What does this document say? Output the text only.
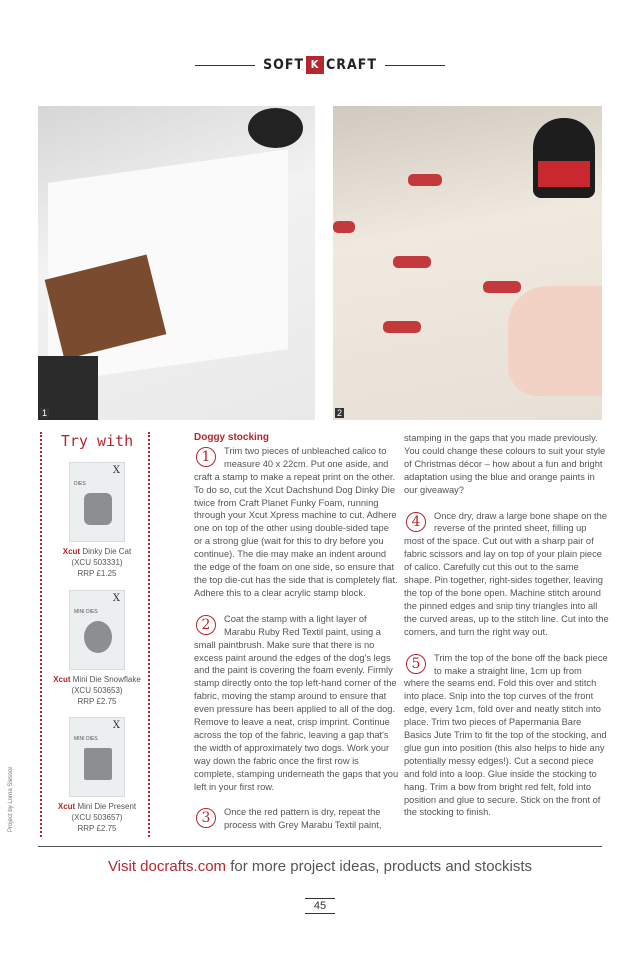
SOFT K CRAFT
1	2
Try with
X
DIES
Xcut Dinky Die Cat
(XCU 503331)
RRP £1.25
X
MINI DIES
Xcut Mini Die Snowflake
(XCU 503653)
RRP £2.75
X
MINI DIES
Xcut Mini Die Present
(XCU 503657)
RRP £2.75
Project by Lorna Slessor
Doggy stocking
1	Trim two pieces of unbleached calico to measure 40 x 22cm. Put one aside, and craft a stamp to make a repeat print on the other. To do so, cut the Xcut Dachshund Dog Dinky Die twice from Craft Planet Funky Foam, running through your Xcut Xpress machine to cut. Adhere one on top of the other using double-sided tape or a strong glue (wait for this to dry before you continue). The die may make an indent around the edge of the foam on one side, so ensure that the top die-cut has the side that is completely flat. Adhere this to a clear acrylic stamp block.
2	Coat the stamp with a light layer of Marabu Ruby Red Textil paint, using a small paintbrush. Make sure that there is no excess paint around the edges of the dog's legs and the paint is covering the foam evenly. Firmly stamp directly onto the top left-hand corner of the fabric, moving the stamp around to ensure that even pressure has been applied to all of the dog. Remove to leave a neat, crisp imprint. Continue across the top of the fabric, leaving a gap that's the width of approximately two dogs. Work your way down the fabric once the first row is complete, stamping underneath the gaps that you left in your first row.
3	Once the red pattern is dry, repeat the process with Grey Marabu Textil paint,
stamping in the gaps that you made previously. You could change these colours to suit your style of Christmas décor – how about a fun and bright adaptation using the blue and orange paints in our giveaway?
4	Once dry, draw a large bone shape on the reverse of the printed sheet, filling up most of the space. Cut out with a sharp pair of fabric scissors and lay on top of your plain piece of calico. Carefully cut this out to the same shape. Pin together, right-sides together, leaving the top of the bone open. Machine stitch around the pinned edges and snip tiny triangles into all the curved areas, up to the stitch line. Cut into the corners, and turn the right way out.
5	Trim the top of the bone off the back piece to make a straight line, 1cm up from where the seams end. Fold this over and stitch into place. Snip into the top curves of the front edge, every 1cm, fold over and neatly stitch into place. Trim two pieces of Papermania Bare Basics Jute Trim to fit the top of the stocking, and glue gun into position (this also helps to hide any potentially messy edges!). Cut a second piece and fold into a loop. Glue inside the stocking to hang. Trim a bow from bright red felt, fold into position and glue to secure. Stick on the front of the stocking to finish.
Visit docrafts.com for more project ideas, products and stockists
45
